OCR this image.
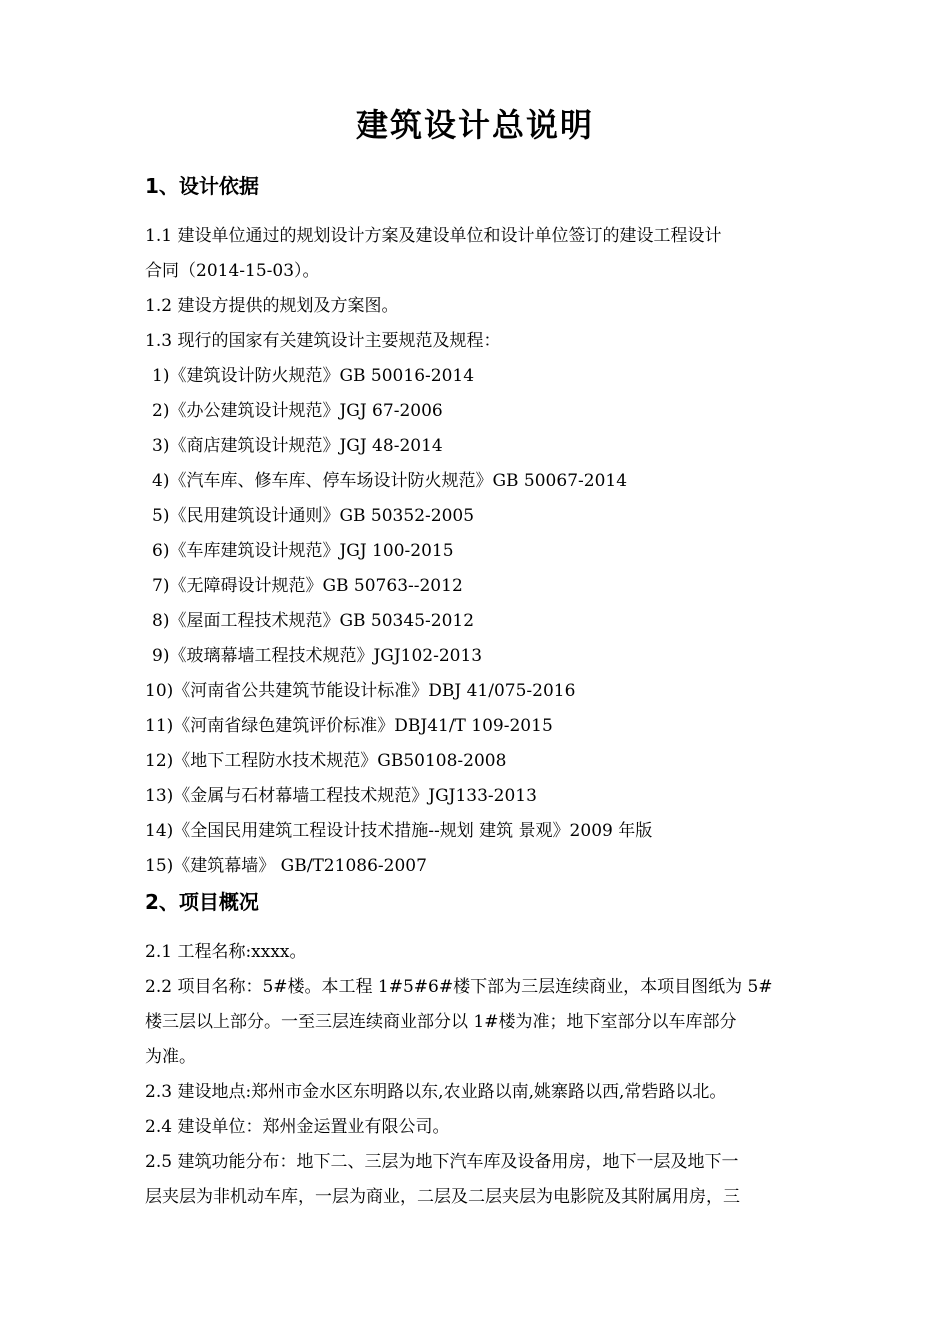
建筑设计总说明
1、设计依据
1.1 建设单位通过的规划设计方案及建设单位和设计单位签订的建设工程设计
合同（2014-15-03）。
1.2 建设方提供的规划及方案图。
1.3 现行的国家有关建筑设计主要规范及规程：
1)《建筑设计防火规范》GB 50016-2014
2)《办公建筑设计规范》JGJ 67-2006
3)《商店建筑设计规范》JGJ 48-2014
4)《汽车库、修车库、停车场设计防火规范》GB 50067-2014
5)《民用建筑设计通则》GB 50352-2005
6)《车库建筑设计规范》JGJ 100-2015
7)《无障碍设计规范》GB 50763--2012
8)《屋面工程技术规范》GB 50345-2012
9)《玻璃幕墙工程技术规范》JGJ102-2013
10)《河南省公共建筑节能设计标准》DBJ 41/075-2016
11)《河南省绿色建筑评价标准》DBJ41/T 109-2015
12)《地下工程防水技术规范》GB50108-2008
13)《金属与石材幕墙工程技术规范》JGJ133-2013
14)《全国民用建筑工程设计技术措施--规划 建筑 景观》2009 年版
15)《建筑幕墙》 GB/T21086-2007
2、项目概况
2.1 工程名称:xxxx。
2.2 项目名称：5#楼。本工程 1#5#6#楼下部为三层连续商业，本项目图纸为 5#
楼三层以上部分。一至三层连续商业部分以 1#楼为准；地下室部分以车库部分
为准。
2.3 建设地点:郑州市金水区东明路以东,农业路以南,姚寨路以西,常砦路以北。
2.4 建设单位：郑州金运置业有限公司。
2.5 建筑功能分布：地下二、三层为地下汽车库及设备用房，地下一层及地下一
层夹层为非机动车库，一层为商业，二层及二层夹层为电影院及其附属用房，三
